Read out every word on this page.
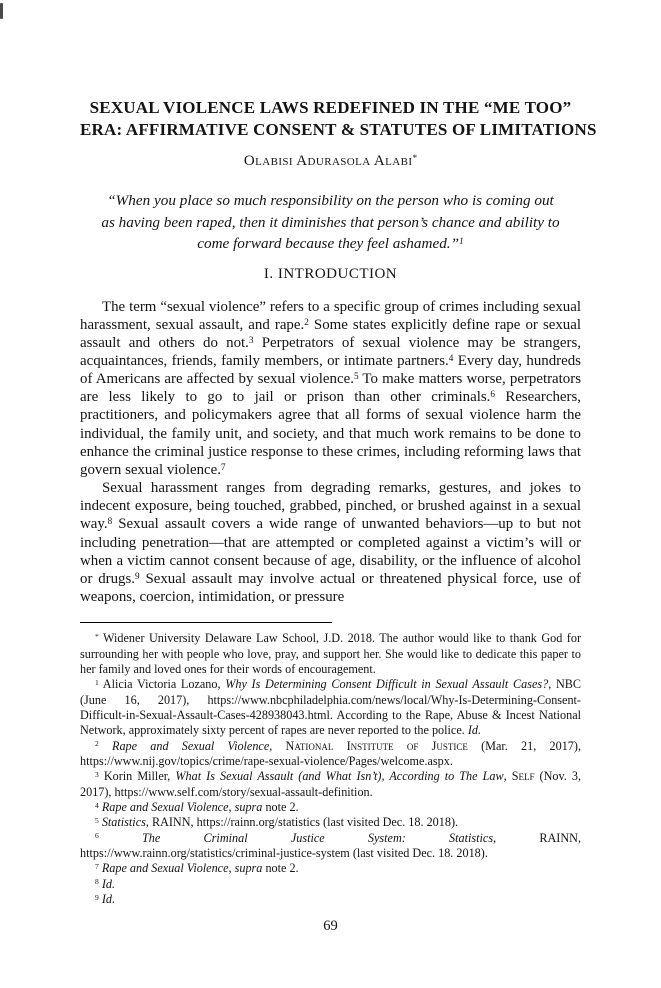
SEXUAL VIOLENCE LAWS REDEFINED IN THE “ME TOO”
ERA: AFFIRMATIVE CONSENT & STATUTES OF LIMITATIONS
Olabisi Adurasola Alabi*
“When you place so much responsibility on the person who is coming out
as having been raped, then it diminishes that person’s chance and ability to
come forward because they feel ashamed.”$^1$
I. INTRODUCTION

The term “sexual violence” refers to a specific group of crimes including sexual harassment, sexual assault, and rape.$^2$ Some states explicitly define rape or sexual assault and others do not.$^3$ Perpetrators of sexual violence may be strangers, acquaintances, friends, family members, or intimate partners.$^4$ Every day, hundreds of Americans are affected by sexual violence.$^5$ To make matters worse, perpetrators are less likely to go to jail or prison than other criminals.$^6$ Researchers, practitioners, and policymakers agree that all forms of sexual violence harm the individual, the family unit, and society, and that much work remains to be done to enhance the criminal justice response to these crimes, including reforming laws that govern sexual violence.$^7$

Sexual harassment ranges from degrading remarks, gestures, and jokes to indecent exposure, being touched, grabbed, pinched, or brushed against in a sexual way.$^8$ Sexual assault covers a wide range of unwanted behaviors—up to but not including penetration—that are attempted or completed against a victim’s will or when a victim cannot consent because of age, disability, or the influence of alcohol or drugs.$^9$ Sexual assault may involve actual or threatened physical force, use of weapons, coercion, intimidation, or pressure

* Widener University Delaware Law School, J.D. 2018. The author would like to thank God for surrounding her with people who love, pray, and support her. She would like to dedicate this paper to her family and loved ones for their words of encouragement.

$^1$ Alicia Victoria Lozano, Why Is Determining Consent Difficult in Sexual Assault Cases?, NBC (June 16, 2017), https://www.nbcphiladelphia.com/news/local/Why-Is-Determining-Consent-Difficult-in-Sexual-Assault-Cases-428938043.html. According to the Rape, Abuse & Incest National Network, approximately sixty percent of rapes are never reported to the police. Id.

$^2$ Rape and Sexual Violence, National Institute of Justice (Mar. 21, 2017), https://www.nij.gov/topics/crime/rape-sexual-violence/Pages/welcome.aspx.

$^3$ Korin Miller, What Is Sexual Assault (and What Isn’t), According to The Law, Self (Nov. 3, 2017), https://www.self.com/story/sexual-assault-definition.

$^4$ Rape and Sexual Violence, supra note 2.

$^5$ Statistics, RAINN, https://rainn.org/statistics (last visited Dec. 18. 2018).

$^6$	The Criminal Justice System: Statistics, RAINN, https://www.rainn.org/statistics/criminal-justice-system (last visited Dec. 18. 2018).

$^7$ Rape and Sexual Violence, supra note 2.

$^8$ Id.

$^9$ Id.

69
